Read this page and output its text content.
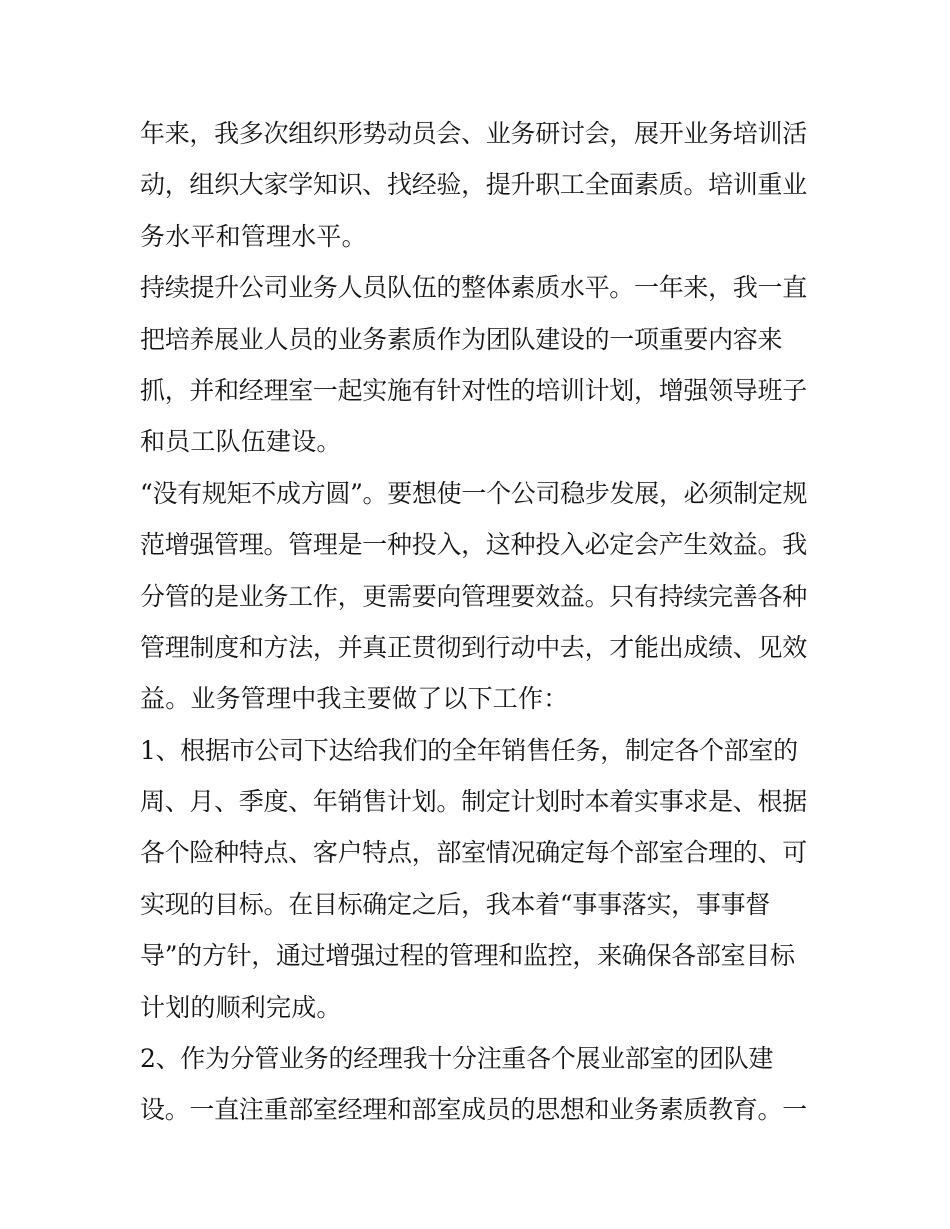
年来，我多次组织形势动员会、业务研讨会，展开业务培训活
动，组织大家学知识、找经验，提升职工全面素质。培训重业
务水平和管理水平。
持续提升公司业务人员队伍的整体素质水平。一年来，我一直
把培养展业人员的业务素质作为团队建设的一项重要内容来
抓，并和经理室一起实施有针对性的培训计划，增强领导班子
和员工队伍建设。
“没有规矩不成方圆”。要想使一个公司稳步发展，必须制定规
范增强管理。管理是一种投入，这种投入必定会产生效益。我
分管的是业务工作，更需要向管理要效益。只有持续完善各种
管理制度和方法，并真正贯彻到行动中去，才能出成绩、见效
益。业务管理中我主要做了以下工作：
1、根据市公司下达给我们的全年销售任务，制定各个部室的
周、月、季度、年销售计划。制定计划时本着实事求是、根据
各个险种特点、客户特点，部室情况确定每个部室合理的、可
实现的目标。在目标确定之后，我本着“事事落实，事事督
导”的方针，通过增强过程的管理和监控，来确保各部室目标
计划的顺利完成。
2、作为分管业务的经理我十分注重各个展业部室的团队建
设。一直注重部室经理和部室成员的思想和业务素质教育。一
